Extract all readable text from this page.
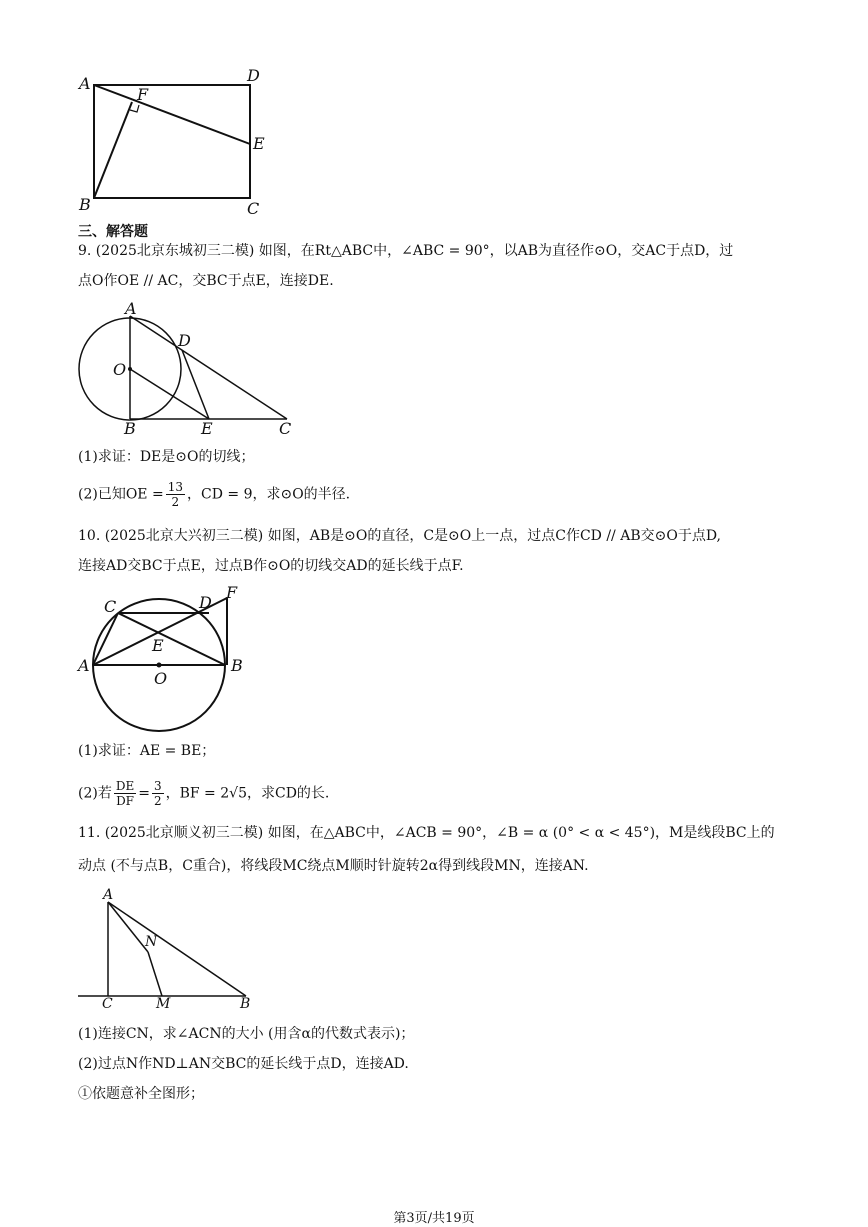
A	D
F
E
B	C
三、解答题
9. (2025北京东城初三二模) 如图，在Rt△ABC中，∠ABC = 90°，以AB为直径作⊙O，交AC于点D，过
点O作OE // AC，交BC于点E，连接DE.
A
D
O
B	E	C
(1)求证：DE是⊙O的切线；
(2)已知OE = $\frac{13}{2}$ ，CD = 9，求⊙O的半径.
10. (2025北京大兴初三二模) 如图，AB是⊙O的直径，C是⊙O上一点，过点C作CD // AB交⊙O于点D,
连接AD交BC于点E，过点B作⊙O的切线交AD的延长线于点F.
C	D
F
E
A	B
O
(1)求证：AE = BE；
(2)若 $\frac{DE}{DF} = \frac{3}{2}$ ，BF = 2√5，求CD的长.
11. (2025北京顺义初三二模) 如图，在△ABC中，∠ACB = 90°，∠B = α (0° < α < 45°)，M是线段BC上的
动点 (不与点B，C重合)，将线段MC绕点M顺时针旋转2α得到线段MN，连接AN.
A
N
C	M	B
(1)连接CN，求∠ACN的大小 (用含α的代数式表示)；
(2)过点N作ND⊥AN交BC的延长线于点D，连接AD.
①依题意补全图形；
第3页/共19页
